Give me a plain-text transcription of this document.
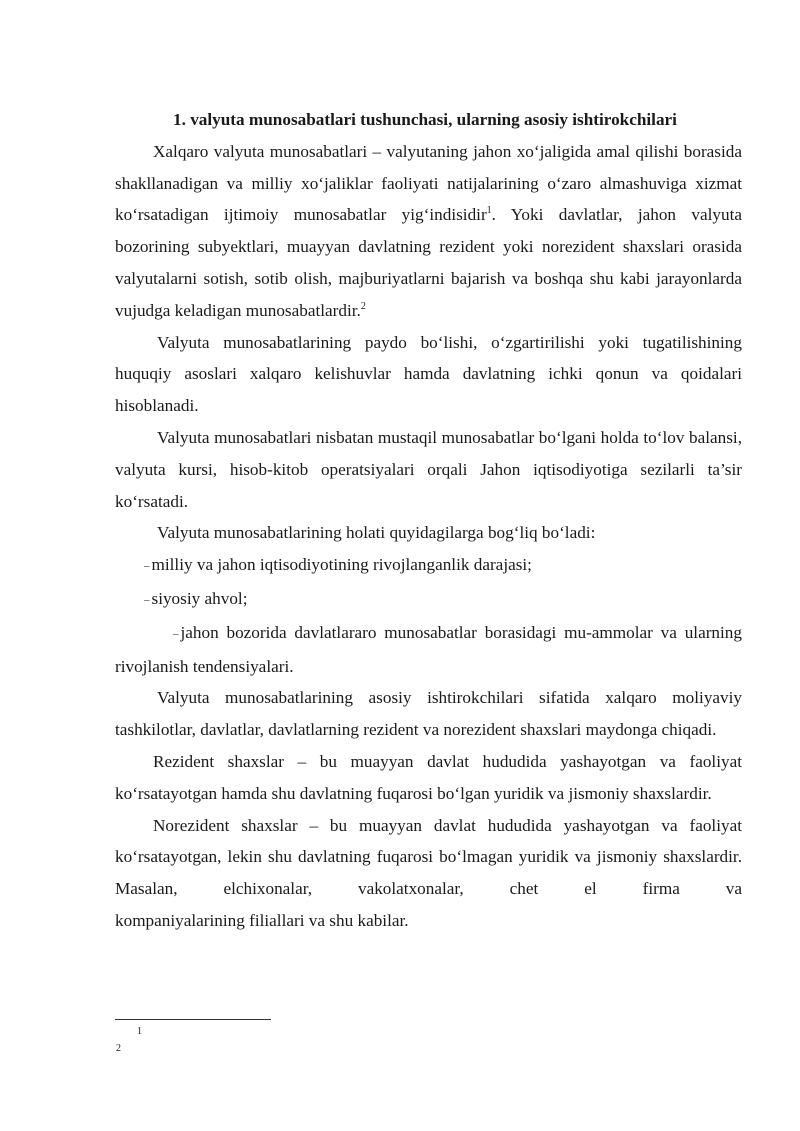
1. valyuta munosabatlari tushunchasi, ularning asosiy ishtirokchilari

Xalqaro valyuta munosabatlari – valyutaning jahon xo‘jaligida amal qilishi borasida shakllanadigan va milliy xo‘jaliklar faoliyati natijalarining o‘zaro almashuviga xizmat ko‘rsatadigan ijtimoiy munosabatlar yig‘indisidir$^1$. Yoki davlatlar, jahon valyuta bozorining subyektlari, muayyan davlatning rezident yoki norezident shaxslari orasida valyutalarni sotish, sotib olish, majburiyatlarni bajarish va boshqa shu kabi jarayonlarda vujudga keladigan munosabatlardir.$^2$

Valyuta munosabatlarining paydo bo‘lishi, o‘zgartirilishi yoki tugatilishining huquqiy asoslari xalqaro kelishuvlar hamda davlatning ichki qonun va qoidalari hisoblanadi.

Valyuta munosabatlari nisbatan mustaqil munosabatlar bo‘lgani holda to‘lov balansi, valyuta kursi, hisob-kitob operatsiyalari orqali Jahon iqtisodiyotiga sezilarli ta’sir ko‘rsatadi.

Valyuta munosabatlarining holati quyidagilarga bog‘liq bo‘ladi:

– milliy va jahon iqtisodiyotining rivojlanganlik darajasi;

– siyosiy ahvol;

– jahon bozorida davlatlararo munosabatlar borasidagi mu-ammolar va ularning rivojlanish tendensiyalari.

Valyuta munosabatlarining asosiy ishtirokchilari sifatida xalqaro moliyaviy tashkilotlar, davlatlar, davlatlarning rezident va norezident shaxslari maydonga chiqadi.

Rezident shaxslar – bu muayyan davlat hududida yashayotgan va faoliyat ko‘rsatayotgan hamda shu davlatning fuqarosi bo‘lgan yuridik va jismoniy shaxslardir.

Norezident shaxslar – bu muayyan davlat hududida yashayotgan va faoliyat ko‘rsatayotgan, lekin shu davlatning fuqarosi bo‘lmagan yuridik va jismoniy shaxslardir. Masalan, elchixonalar, vakolatxonalar, chet el firma va

kompaniyalarining filiallari va shu kabilar.

1
2
